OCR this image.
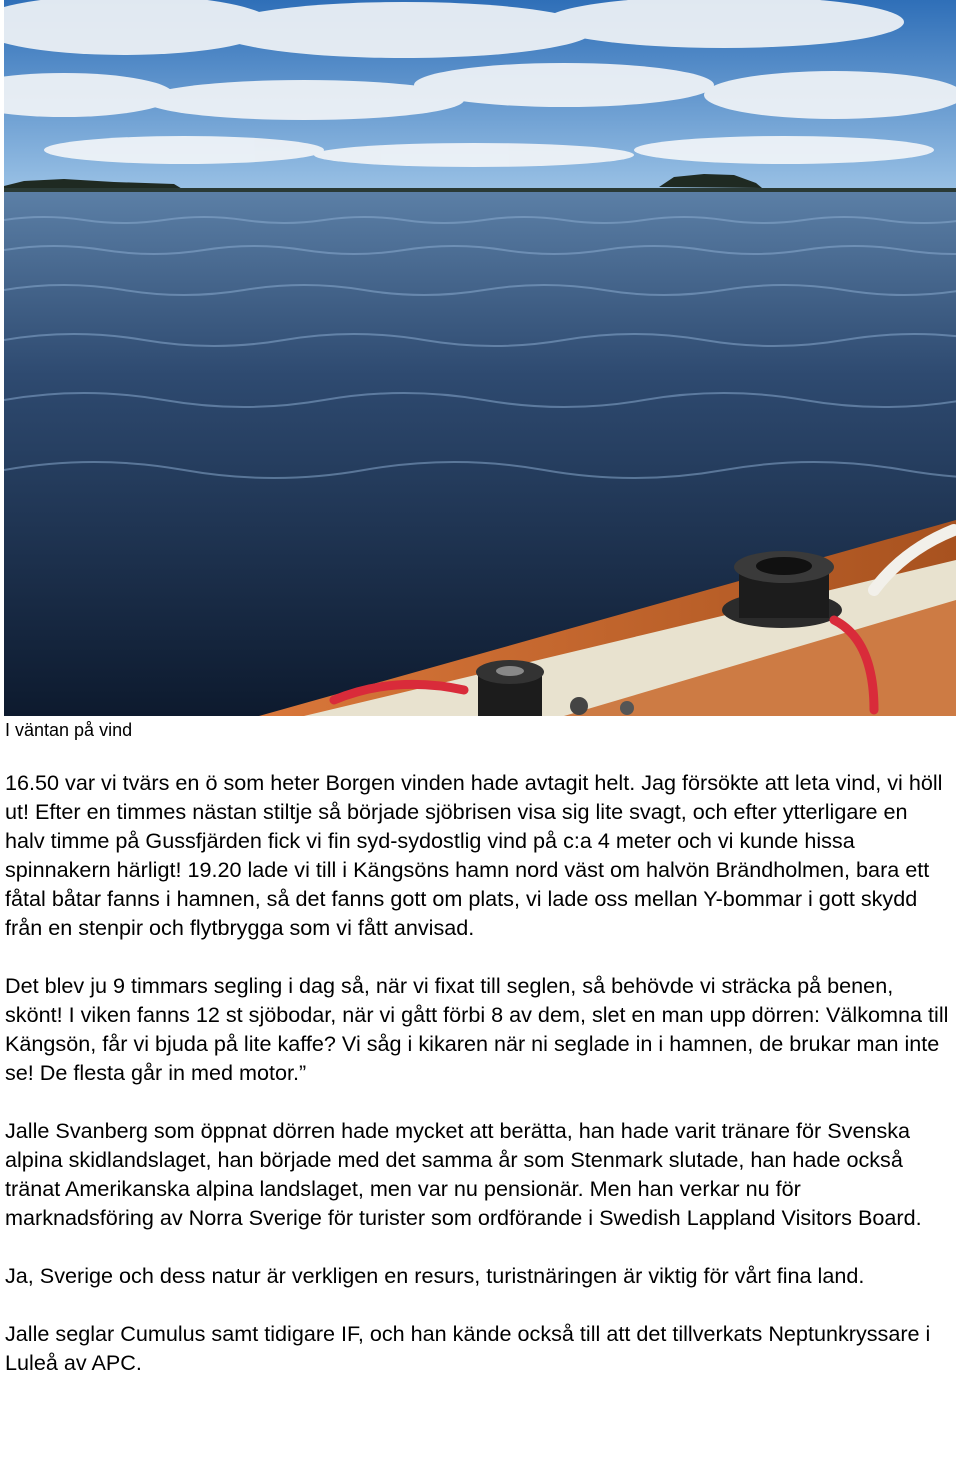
I väntan på vind

16.50 var vi tvärs en ö som heter Borgen vinden hade avtagit helt. Jag försökte att leta vind, vi höll ut! Efter en timmes nästan stiltje så började sjöbrisen visa sig lite svagt, och efter ytterligare en halv timme på Gussfjärden fick vi fin syd-sydostlig vind på c:a 4 meter och vi kunde hissa spinnakern härligt! 19.20 lade vi till i Kängsöns hamn nord väst om halvön Brändholmen, bara ett fåtal båtar fanns i hamnen, så det fanns gott om plats, vi lade oss mellan Y-bommar i gott skydd från en stenpir och flytbrygga som vi fått anvisad.

Det blev ju 9 timmars segling i dag så, när vi fixat till seglen, så behövde vi sträcka på benen, skönt! I viken fanns 12 st sjöbodar, när vi gått förbi 8 av dem, slet en man upp dörren: Välkomna till Kängsön, får vi bjuda på lite kaffe? Vi såg i kikaren när ni seglade in i hamnen, de brukar man inte se! De flesta går in med motor.”

Jalle Svanberg som öppnat dörren hade mycket att berätta, han hade varit tränare för Svenska alpina skidlandslaget, han började med det samma år som Stenmark slutade, han hade också tränat Amerikanska alpina landslaget, men var nu pensionär. Men han verkar nu för marknadsföring av Norra Sverige för turister som ordförande i Swedish Lappland Visitors Board.

Ja, Sverige och dess natur är verkligen en resurs, turistnäringen är viktig för vårt fina land.

Jalle seglar Cumulus samt tidigare IF, och han kände också till att det tillverkats Neptunkryssare i Luleå av APC.
